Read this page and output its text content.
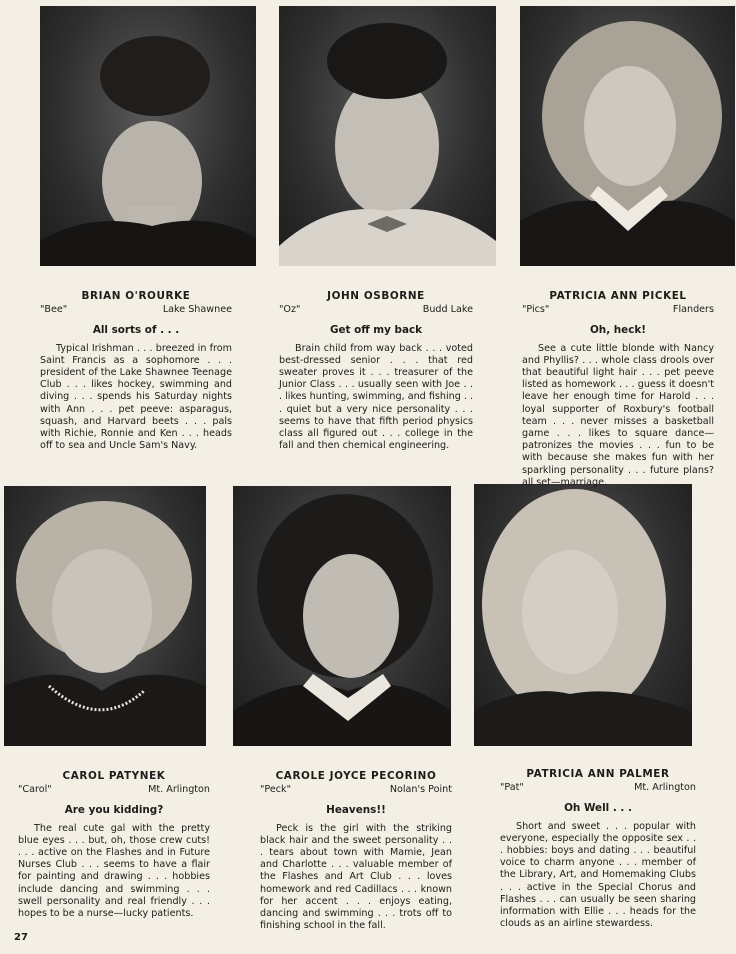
BRIAN O'ROURKE
"Bee"	Lake Shawnee
All sorts of . . .
Typical Irishman . . . breezed in from Saint Francis as a sophomore . . . president of the Lake Shawnee Teenage Club . . . likes hockey, swimming and diving . . . spends his Saturday nights with Ann . . . pet peeve: asparagus, squash, and Harvard beets . . . pals with Richie, Ronnie and Ken . . . heads off to sea and Uncle Sam's Navy.
JOHN OSBORNE
"Oz"	Budd Lake
Get off my back
Brain child from way back . . . voted best-dressed senior . . . that red sweater proves it . . . treasurer of the Junior Class . . . usually seen with Joe . . . likes hunting, swimming, and fishing . . . quiet but a very nice personality . . . seems to have that fifth period physics class all figured out . . . college in the fall and then chemical engineering.
PATRICIA ANN PICKEL
"Pics"	Flanders
Oh, heck!
See a cute little blonde with Nancy and Phyllis? . . . whole class drools over that beautiful light hair . . . pet peeve listed as homework . . . guess it doesn't leave her enough time for Harold . . . loyal supporter of Roxbury's football team . . . never misses a basketball game . . . likes to square dance—patronizes the movies . . . fun to be with because she makes fun with her sparkling personality . . . future plans? all set—marriage.
CAROL PATYNEK
"Carol"	Mt. Arlington
Are you kidding?
The real cute gal with the pretty blue eyes . . . but, oh, those crew cuts! . . . active on the Flashes and in Future Nurses Club . . . seems to have a flair for painting and drawing . . . hobbies include dancing and swimming . . . swell personality and real friendly . . . hopes to be a nurse—lucky patients.
CAROLE JOYCE PECORINO
"Peck"	Nolan's Point
Heavens!!
Peck is the girl with the striking black hair and the sweet personality . . . tears about town with Mamie, Jean and Charlotte . . . valuable member of the Flashes and Art Club . . . loves homework and red Cadillacs . . . known for her accent . . . enjoys eating, dancing and swimming . . . trots off to finishing school in the fall.
PATRICIA ANN PALMER
"Pat"	Mt. Arlington
Oh Well . . .
Short and sweet . . . popular with everyone, especially the opposite sex . . . hobbies: boys and dating . . . beautiful voice to charm anyone . . . member of the Library, Art, and Homemaking Clubs . . . active in the Special Chorus and Flashes . . . can usually be seen sharing information with Ellie . . . heads for the clouds as an airline stewardess.
27
